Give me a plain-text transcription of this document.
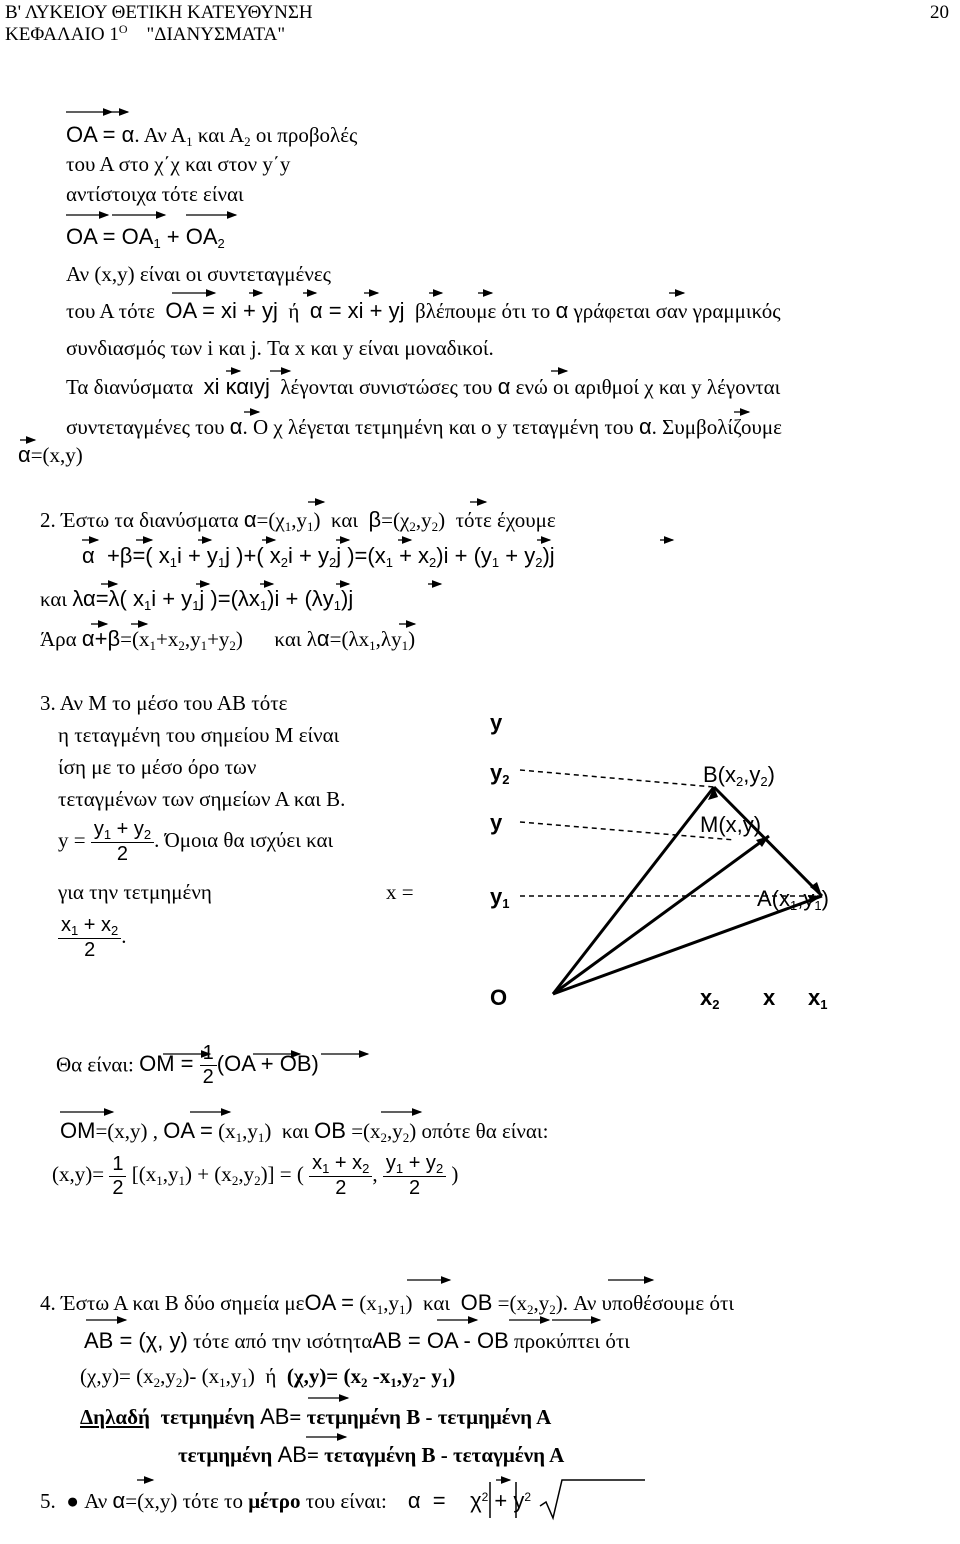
Β' ΛΥΚΕΙΟΥ ΘΕΤΙΚΗ ΚΑΤΕΥΘΥΝΣΗ
ΚΕΦΑΛΑΙΟ $1^O$ "ΔΙΑΝΥΣΜΑΤΑ"
20
OA = α. Αν $A_1$ και $A_2$ οι προβολές
του Α στο χ΄χ και στον y΄y
αντίστοιχα τότε είναι
OA = $OA_1 + OA_2$
Αν (x,y) είναι οι συντεταγμένες
του Α τότε OA = xi + yj ή α = xi + yj βλέπουμε ότι το α γράφεται σαν γραμμικός
συνδιασμός των i και j. Τα x και y είναι μοναδικοί.
Τα διανύσματα xi καιyj λέγονται συνιστώσες του α ενώ οι αριθμοί χ και y λέγονται
συντεταγμένες του α. Ο χ λέγεται τετμημένη και ο y τεταγμένη του α. Συμβολίζουμε
α=(x,y)
2. Έστω τα διανύσματα $\alpha=(\chi_1,y_1)$  και $\beta=(\chi_2,y_2)$  τότε έχουμε
α  +β=( $x_1i + y_1j$ )+( $x_2i + y_2j$ )$=(x_1 + x_2)i + (y_1 + y_2)j$
και λα=λ( $x_1i + y_1j$ )$=(\lambda x_1)i + (\lambda y_1)j$
Άρα $\alpha+\beta=(x_1+x_2,y_1+y_2)$      και $\lambda\alpha=(\lambda x_1,\lambda y_1)$
3. Αν Μ το μέσο του ΑΒ τότε
η τεταγμένη του σημείου Μ είναι
ίση με το μέσο όρο των
τεταγμένων των σημείων Α και Β.
$y = \frac{y_1 + y_2}{2}$ . Όμοια θα ισχύει και
για την τετμημένη	x =
$\frac{x_1 + x_2}{2}$ .
y
$y_2$
y
$y_1$
O	$x_2$ x $x_1$
$B(x_2,y_2)$
M(x,y)
$A(x_1,y_1)$
Θα είναι: OM = $\frac{1}{2} (OA + OB)$
OM=(x,y) , OA = $(x_1,y_1)$  και OB $=(x_2,y_2)$ οπότε θα είναι:
$(x,y)= \frac{1}{2} [(x_1,y_1) + (x_2,y_2)]$ = ( $\frac{x_1 + x_2}{2}$ , $\frac{y_1 + y_2}{2}$ )
4. Έστω Α και Β δύο σημεία $\mu\varepsilon OA = (x_1,y_1)$  και OB $=(x_2,y_2)$. Αν υποθέσουμε ότι
AB = (χ, y) τότε από την ισότηταAB = OA - OB προκύπτει ότι
$(\chi,y)= (x_2,y_2)-$ $(x_1,y_1)$  ή $(\chi,y)= (x_2$ $-x_1,y_2-$ $y_1$)
Δηλαδή τετμημένη AB= τετμημένη Β - τετμημένη Α
τετμημένη AB= τεταγμένη Β - τεταγμένη Α
5. ● Αν α=(x,y) τότε το μέτρο του είναι: α  =    $\chi^2 + y^2$
